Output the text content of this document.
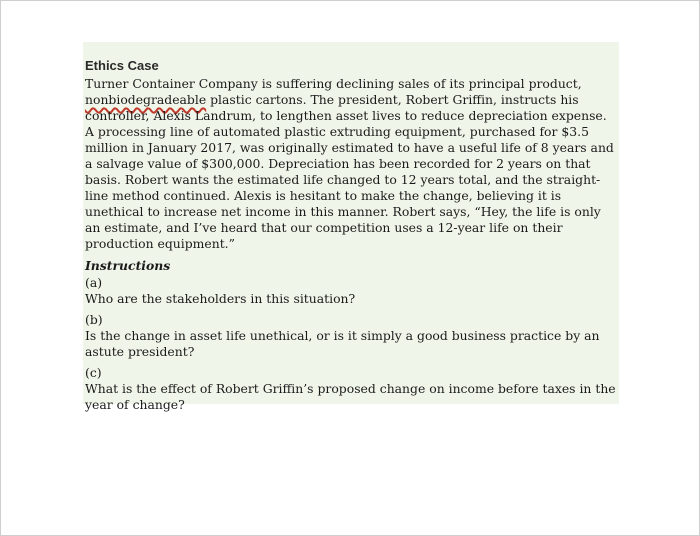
Ethics Case

Turner Container Company is suffering declining sales of its principal product,
nonbiodegradeable plastic cartons. The president, Robert Griffin, instructs his controller, Alexis Landrum, to lengthen asset lives to reduce depreciation expense. A processing line of automated plastic extruding equipment, purchased for $3.5 million in January 2017, was originally estimated to have a useful life of 8 years and a salvage value of $300,000. Depreciation has been recorded for 2 years on that basis. Robert wants the estimated life changed to 12 years total, and the straight-line method continued. Alexis is hesitant to make the change, believing it is unethical to increase net income in this manner. Robert says, “Hey, the life is only an estimate, and I’ve heard that our competition uses a 12-year life on their production equipment.”

Instructions
(a)
Who are the stakeholders in this situation?
(b)
Is the change in asset life unethical, or is it simply a good business practice by an astute president?
(c)
What is the effect of Robert Griffin’s proposed change on income before taxes in the year of change?
